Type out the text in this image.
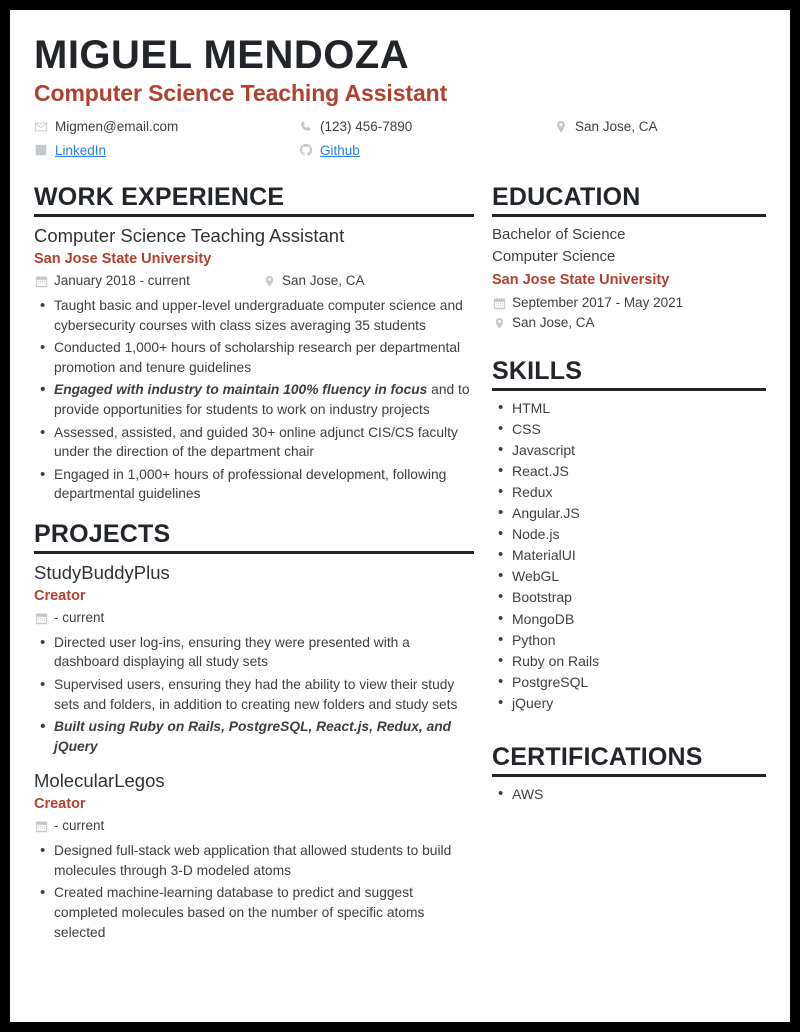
MIGUEL MENDOZA
Computer Science Teaching Assistant
Migmen@email.com	(123) 456-7890	San Jose, CA
LinkedIn	Github
WORK EXPERIENCE
Computer Science Teaching Assistant
San Jose State University
January 2018 - current	San Jose, CA
• Taught basic and upper-level undergraduate computer science and cybersecurity courses with class sizes averaging 35 students
• Conducted 1,000+ hours of scholarship research per departmental promotion and tenure guidelines
• Engaged with industry to maintain 100% fluency in focus and to provide opportunities for students to work on industry projects
• Assessed, assisted, and guided 30+ online adjunct CIS/CS faculty under the direction of the department chair
• Engaged in 1,000+ hours of professional development, following departmental guidelines
PROJECTS
StudyBuddyPlus
Creator
- current
• Directed user log-ins, ensuring they were presented with a dashboard displaying all study sets
• Supervised users, ensuring they had the ability to view their study sets and folders, in addition to creating new folders and study sets
• Built using Ruby on Rails, PostgreSQL, React.js, Redux, and jQuery
MolecularLegos
Creator
- current
• Designed full-stack web application that allowed students to build molecules through 3-D modeled atoms
• Created machine-learning database to predict and suggest completed molecules based on the number of specific atoms selected
EDUCATION
Bachelor of Science
Computer Science
San Jose State University
September 2017 - May 2021
San Jose, CA
SKILLS
• HTML
• CSS
• Javascript
• React.JS
• Redux
• Angular.JS
• Node.js
• MaterialUI
• WebGL
• Bootstrap
• MongoDB
• Python
• Ruby on Rails
• PostgreSQL
• jQuery
CERTIFICATIONS
• AWS
